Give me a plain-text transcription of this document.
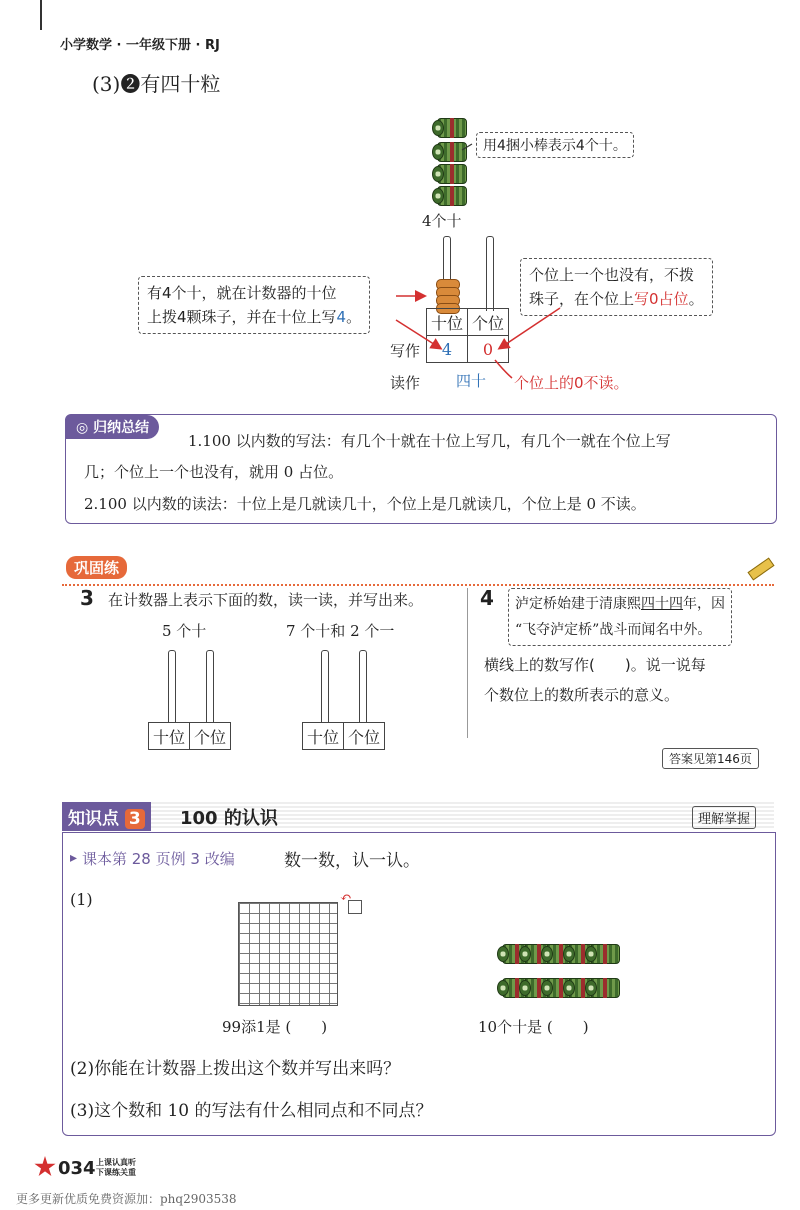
小学数学 · 一年级下册 · RJ
(3)❷有四十粒
用4捆小棒表示4个十。
4个十
十位	个位
4	0
有4个十，就在计数器的十位
上拨4颗珠子，并在十位上写4。
个位上一个也没有，不拨
珠子，在个位上写0占位。
写作
读作 四十 个位上的0不读。
◎ 归纳总结
1.100 以内数的写法：有几个十就在十位上写几，有几个一就在个位上写
几；个位上一个也没有，就用 0 占位。
2.100 以内数的读法：十位上是几就读几十，个位上是几就读几，个位上是 0 不读。
巩固练
3 在计数器上表示下面的数，读一读，并写出来。
5 个十	7 个十和 2 个一
十位	个位	十位	个位
4 泸定桥始建于清康熙四十四年，因
“飞夺泸定桥”战斗而闻名中外。
横线上的数写作(　　)。说一说每
个数位上的数所表示的意义。
答案见第146页
知识点 3	100 的认识	理解掌握
▸ 课本第 28 页例 3 改编	数一数，认一认。
(1)	↶
99添1是 (　　)	10个十是 (　　)
(2)你能在计数器上拨出这个数并写出来吗？
(3)这个数和 10 的写法有什么相同点和不同点？
034 上课认真听
下课练关重
更多更新优质免费资源加：phq2903538
